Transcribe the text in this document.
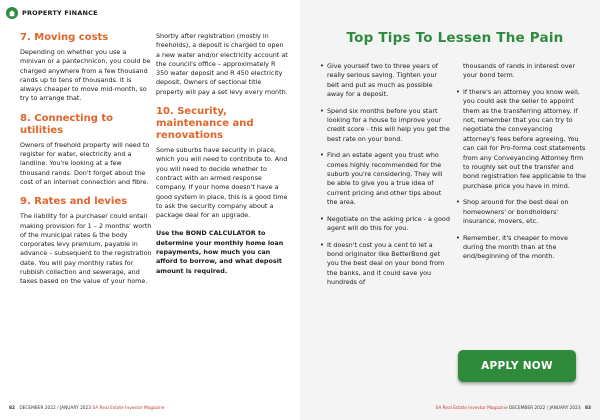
PROPERTY FINANCE
7. Moving costs

Depending on whether you use a minivan or a pantechnicon, you could be charged anywhere from a few thousand rands up to tens of thousands. It is always cheaper to move mid-month, so try to arrange that.

8. Connecting to utilities

Owners of freehold property will need to register for water, electricity and a landline. You're looking at a few thousand rands. Don't forget about the cost of an internet connection and fibre.

9. Rates and levies

The liability for a purchaser could entail making provision for 1 – 2 months' worth of the municipal rates & the body corporates levy premium, payable in advance – subsequent to the registration date. You will pay monthly rates for rubbish collection and sewerage, and taxes based on the value of your home.

Shortly after registration (mostly in freeholds), a deposit is charged to open a new water and/or electricity account at the council's office – approximately R 350 water deposit and R 450 electricity deposit. Owners of sectional title property will pay a set levy every month.

10. Security, maintenance and renovations

Some suburbs have security in place, which you will need to contribute to. And you will need to decide whether to contract with an armed response company. If your home doesn't have a good system in place, this is a good time to ask the security company about a package deal for an upgrade.

Use the BOND CALCULATOR to determine your monthly home loan repayments, how much you can afford to borrow, and what deposit amount is required.

82 DECEMBER 2022 / JANUARY 2023 SA Real Estate Investor Magazine
Top Tips To Lessen The Pain
• Give yourself two to three years of really serious saving. Tighten your belt and put as much as possible away for a deposit.
• Spend six months before you start looking for a house to improve your credit score - this will help you get the best rate on your bond.
• Find an estate agent you trust who comes highly recommended for the suburb you're considering. They will be able to give you a true idea of current pricing and other tips about the area.
• Negotiate on the asking price - a good agent will do this for you.
• It doesn't cost you a cent to let a bond originator like BetterBond get you the best deal on your bond from the banks, and it could save you hundreds of
thousands of rands in interest over your bond term.
• If there's an attorney you know well, you could ask the seller to appoint them as the transferring attorney. If not, remember that you can try to negotiate the conveyancing attorney's fees before agreeing. You can call for Pro-forma cost statements from any Conveyancing Attorney firm to roughly set out the transfer and bond registration fee applicable to the purchase price you have in mind.
• Shop around for the best deal on homeowners' or bondholders' insurance, movers, etc.
• Remember, it's cheaper to move during the month than at the end/beginning of the month.
APPLY NOW
SA Real Estate Investor Magazine DECEMBER 2022 / JANUARY 2023 83
